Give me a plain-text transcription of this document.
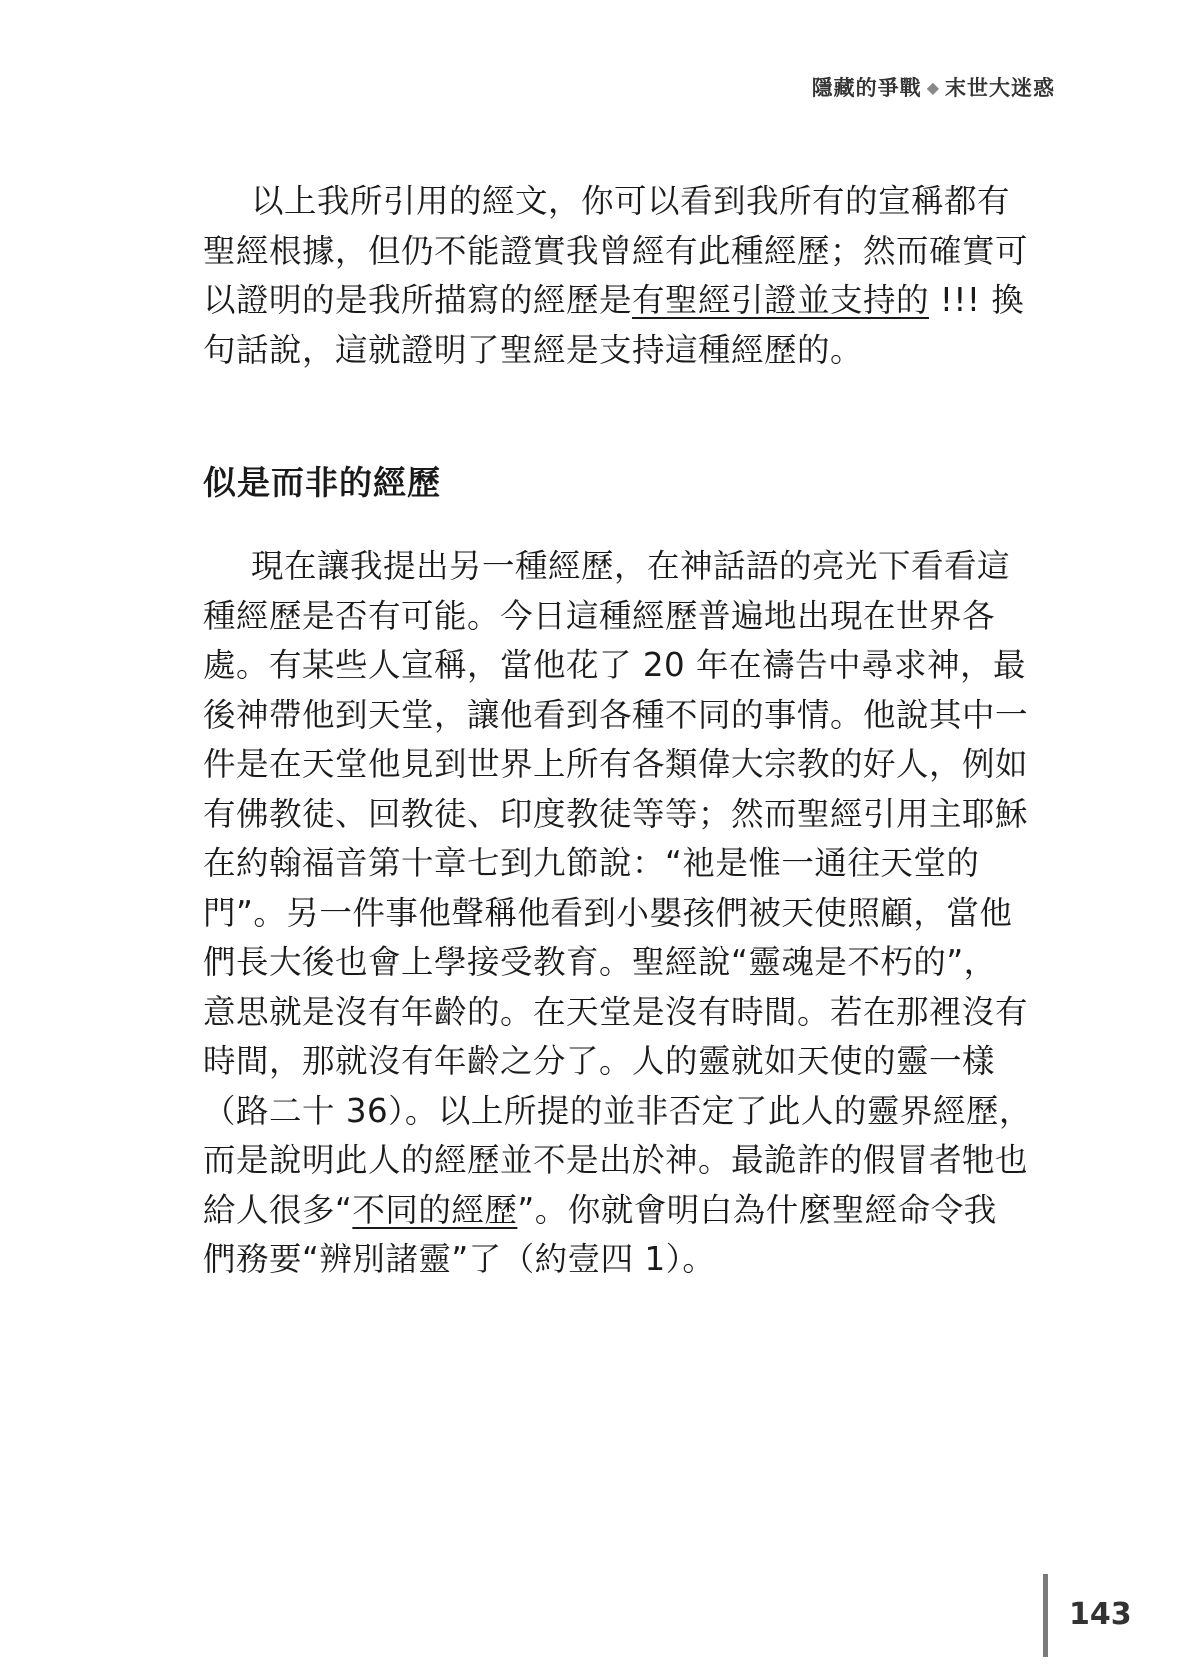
隱藏的爭戰 ◆ 末世大迷惑

以上我所引用的經文，你可以看到我所有的宣稱都有
聖經根據，但仍不能證實我曾經有此種經歷；然而確實可
以證明的是我所描寫的經歷是有聖經引證並支持的 !!! 換
句話說，這就證明了聖經是支持這種經歷的。

似是而非的經歷

現在讓我提出另一種經歷，在神話語的亮光下看看這
種經歷是否有可能。今日這種經歷普遍地出現在世界各
處。有某些人宣稱，當他花了 20 年在禱告中尋求神，最
後神帶他到天堂，讓他看到各種不同的事情。他說其中一
件是在天堂他見到世界上所有各類偉大宗教的好人，例如
有佛教徒、回教徒、印度教徒等等；然而聖經引用主耶穌
在約翰福音第十章七到九節說：“祂是惟一通往天堂的
門”。另一件事他聲稱他看到小嬰孩們被天使照顧，當他
們長大後也會上學接受教育。聖經說“靈魂是不朽的”，
意思就是沒有年齡的。在天堂是沒有時間。若在那裡沒有
時間，那就沒有年齡之分了。人的靈就如天使的靈一樣
（路二十 36）。以上所提的並非否定了此人的靈界經歷，
而是說明此人的經歷並不是出於神。最詭詐的假冒者牠也
給人很多“不同的經歷”。你就會明白為什麼聖經命令我
們務要“辨別諸靈”了（約壹四 1）。

143
